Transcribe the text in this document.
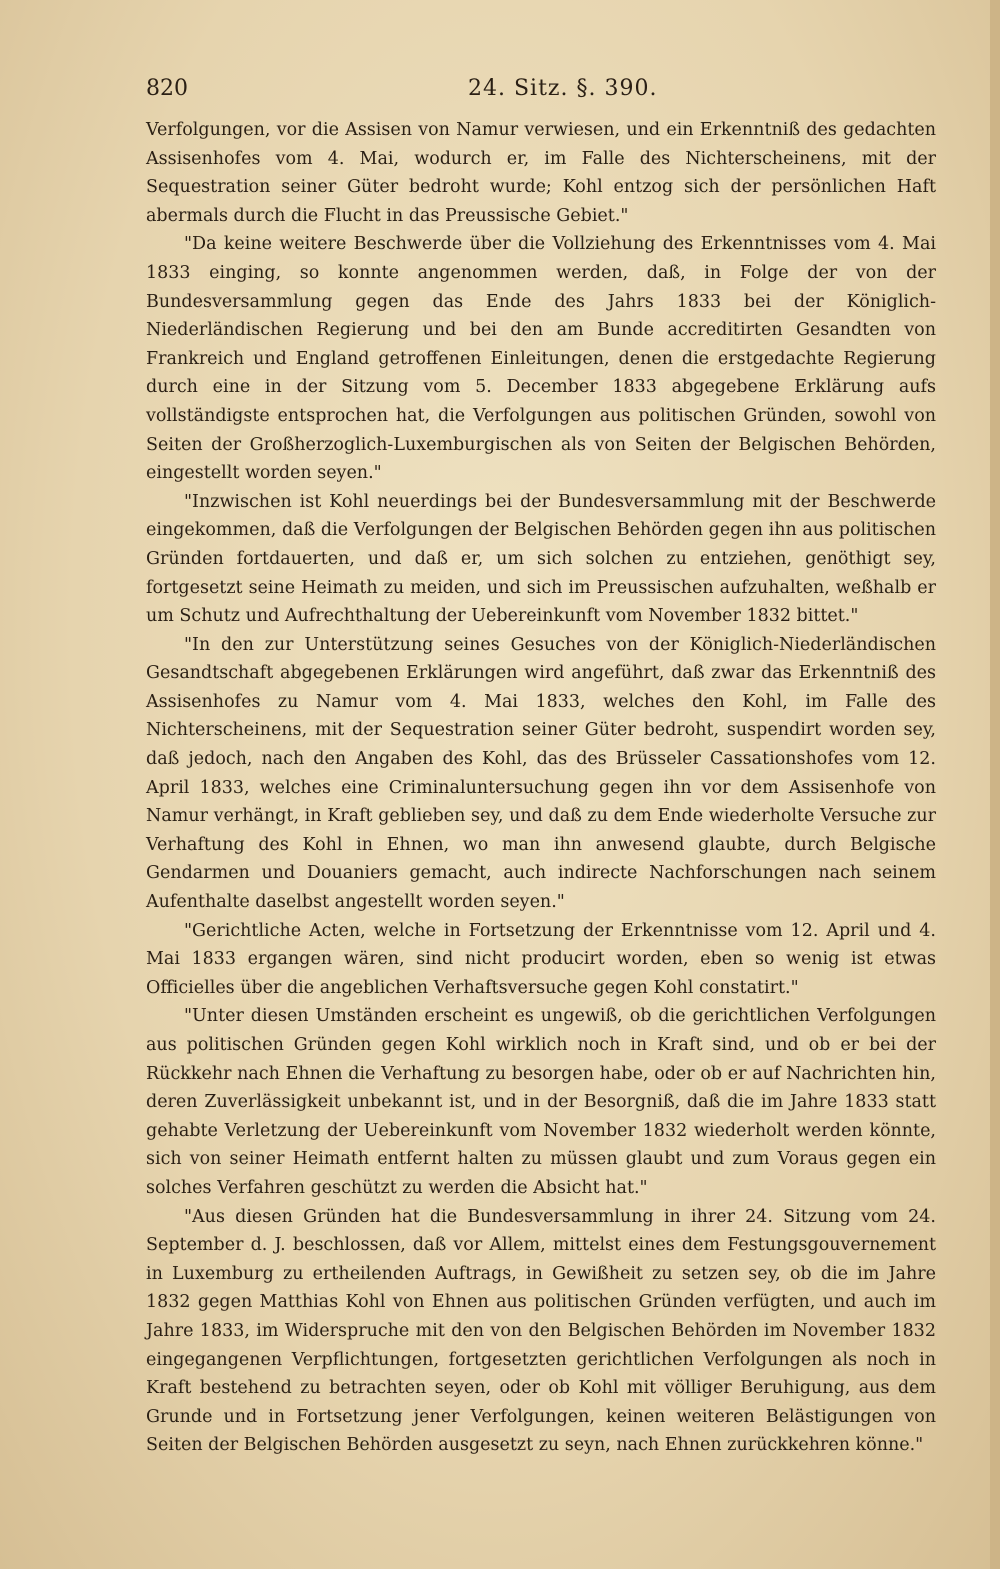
820	24. Sitz. §. 390.

Verfolgungen, vor die Assisen von Namur verwiesen, und ein Erkenntniß des gedachten Assisenhofes vom 4. Mai, wodurch er, im Falle des Nichterscheinens, mit der Sequestration seiner Güter bedroht wurde; Kohl entzog sich der persönlichen Haft abermals durch die Flucht in das Preussische Gebiet."

"Da keine weitere Beschwerde über die Vollziehung des Erkenntnisses vom 4. Mai 1833 einging, so konnte angenommen werden, daß, in Folge der von der Bundesversammlung gegen das Ende des Jahrs 1833 bei der Königlich-Niederländischen Regierung und bei den am Bunde accreditirten Gesandten von Frankreich und England getroffenen Einleitungen, denen die erstgedachte Regierung durch eine in der Sitzung vom 5. December 1833 abgegebene Erklärung aufs vollständigste entsprochen hat, die Verfolgungen aus politischen Gründen, sowohl von Seiten der Großherzoglich-Luxemburgischen als von Seiten der Belgischen Behörden, eingestellt worden seyen."

"Inzwischen ist Kohl neuerdings bei der Bundesversammlung mit der Beschwerde eingekommen, daß die Verfolgungen der Belgischen Behörden gegen ihn aus politischen Gründen fortdauerten, und daß er, um sich solchen zu entziehen, genöthigt sey, fortgesetzt seine Heimath zu meiden, und sich im Preussischen aufzuhalten, weßhalb er um Schutz und Aufrechthaltung der Uebereinkunft vom November 1832 bittet."

"In den zur Unterstützung seines Gesuches von der Königlich-Niederländischen Gesandtschaft abgegebenen Erklärungen wird angeführt, daß zwar das Erkenntniß des Assisenhofes zu Namur vom 4. Mai 1833, welches den Kohl, im Falle des Nichterscheinens, mit der Sequestration seiner Güter bedroht, suspendirt worden sey, daß jedoch, nach den Angaben des Kohl, das des Brüsseler Cassationshofes vom 12. April 1833, welches eine Criminaluntersuchung gegen ihn vor dem Assisenhofe von Namur verhängt, in Kraft geblieben sey, und daß zu dem Ende wiederholte Versuche zur Verhaftung des Kohl in Ehnen, wo man ihn anwesend glaubte, durch Belgische Gendarmen und Douaniers gemacht, auch indirecte Nachforschungen nach seinem Aufenthalte daselbst angestellt worden seyen."

"Gerichtliche Acten, welche in Fortsetzung der Erkenntnisse vom 12. April und 4. Mai 1833 ergangen wären, sind nicht producirt worden, eben so wenig ist etwas Officielles über die angeblichen Verhaftsversuche gegen Kohl constatirt."

"Unter diesen Umständen erscheint es ungewiß, ob die gerichtlichen Verfolgungen aus politischen Gründen gegen Kohl wirklich noch in Kraft sind, und ob er bei der Rückkehr nach Ehnen die Verhaftung zu besorgen habe, oder ob er auf Nachrichten hin, deren Zuverlässigkeit unbekannt ist, und in der Besorgniß, daß die im Jahre 1833 statt gehabte Verletzung der Uebereinkunft vom November 1832 wiederholt werden könnte, sich von seiner Heimath entfernt halten zu müssen glaubt und zum Voraus gegen ein solches Verfahren geschützt zu werden die Absicht hat."

"Aus diesen Gründen hat die Bundesversammlung in ihrer 24. Sitzung vom 24. September d. J. beschlossen, daß vor Allem, mittelst eines dem Festungsgouvernement in Luxemburg zu ertheilenden Auftrags, in Gewißheit zu setzen sey, ob die im Jahre 1832 gegen Matthias Kohl von Ehnen aus politischen Gründen verfügten, und auch im Jahre 1833, im Widerspruche mit den von den Belgischen Behörden im November 1832 eingegangenen Verpflichtungen, fortgesetzten gerichtlichen Verfolgungen als noch in Kraft bestehend zu betrachten seyen, oder ob Kohl mit völliger Beruhigung, aus dem Grunde und in Fortsetzung jener Verfolgungen, keinen weiteren Belästigungen von Seiten der Belgischen Behörden ausgesetzt zu seyn, nach Ehnen zurückkehren könne."
